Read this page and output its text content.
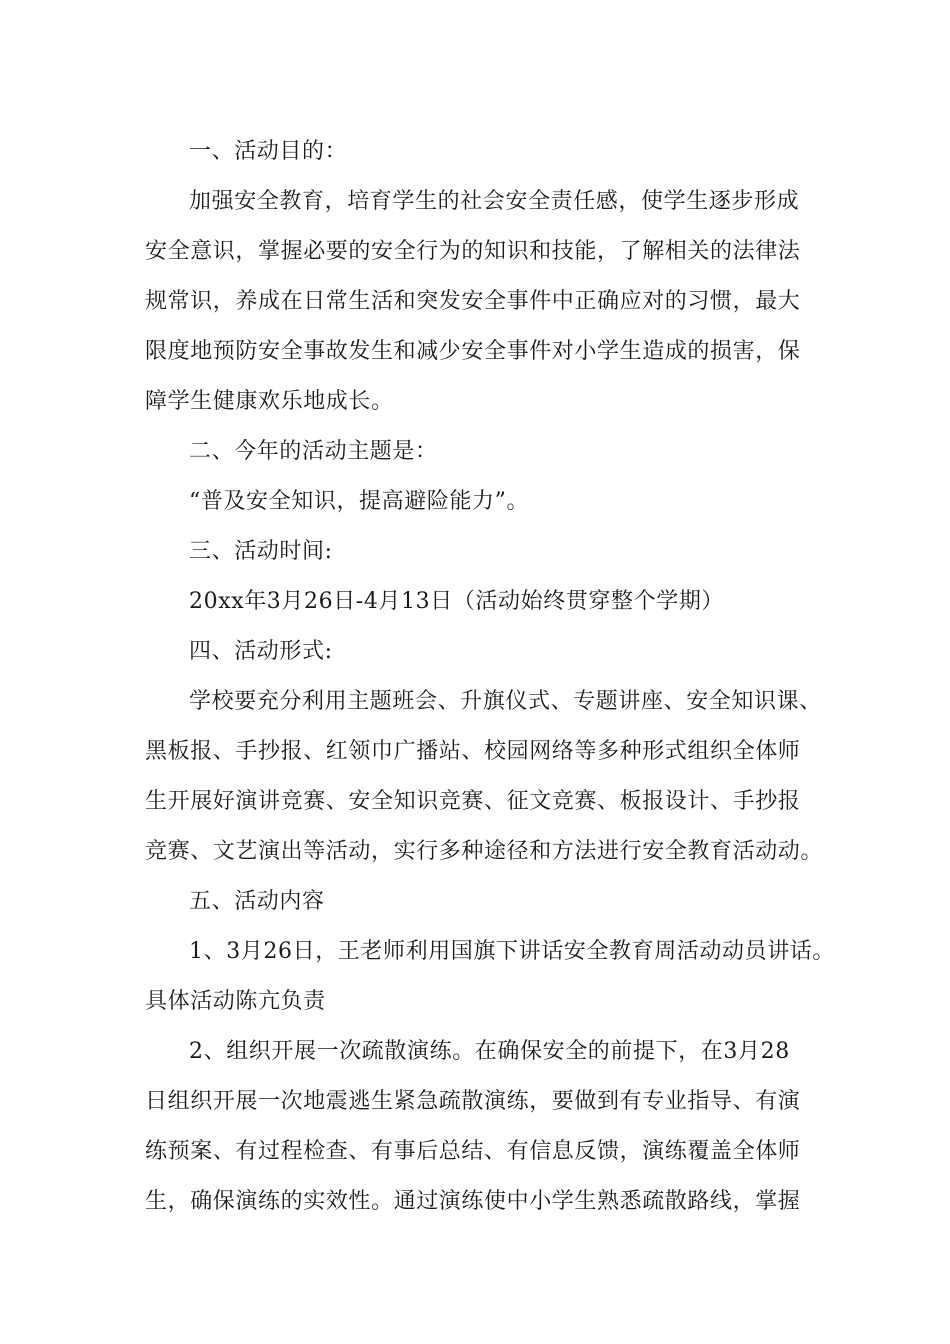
一、活动目的：

加强安全教育，培育学生的社会安全责任感，使学生逐步形成

安全意识，掌握必要的安全行为的知识和技能，了解相关的法律法

规常识，养成在日常生活和突发安全事件中正确应对的习惯，最大

限度地预防安全事故发生和减少安全事件对小学生造成的损害，保

障学生健康欢乐地成长。

二、今年的活动主题是：

“普及安全知识，提高避险能力”。

三、活动时间:

20xx年3月26日-4月13日（活动始终贯穿整个学期）

四、活动形式:

学校要充分利用主题班会、升旗仪式、专题讲座、安全知识课、

黑板报、手抄报、红领巾广播站、校园网络等多种形式组织全体师

生开展好演讲竞赛、安全知识竞赛、征文竞赛、板报设计、手抄报

竞赛、文艺演出等活动，实行多种途径和方法进行安全教育活动动。

五、活动内容

1、3月26日，王老师利用国旗下讲话安全教育周活动动员讲话。

具体活动陈亢负责

2、组织开展一次疏散演练。在确保安全的前提下，在3月28

日组织开展一次地震逃生紧急疏散演练，要做到有专业指导、有演

练预案、有过程检查、有事后总结、有信息反馈，演练覆盖全体师

生，确保演练的实效性。通过演练使中小学生熟悉疏散路线，掌握
